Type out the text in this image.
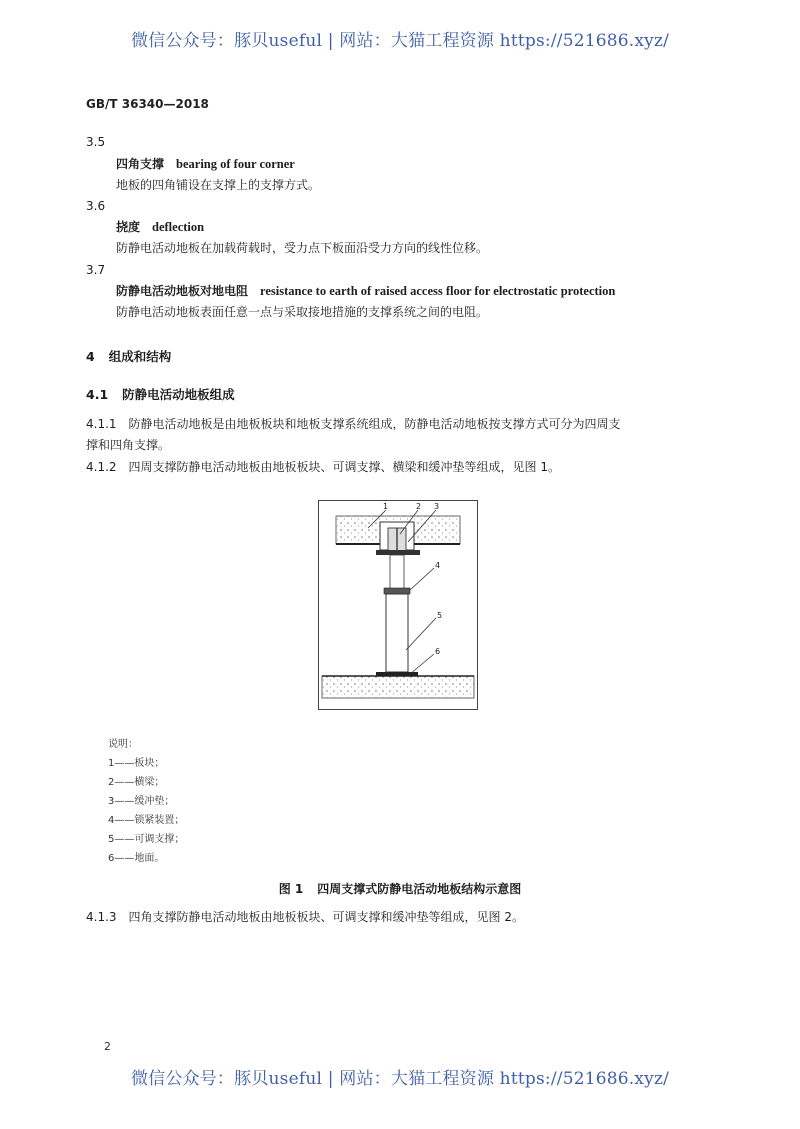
微信公众号：豚贝useful | 网站：大猫工程资源 https://521686.xyz/
GB/T 36340—2018
3.5
四角支撑 bearing of four corner
地板的四角铺设在支撑上的支撑方式。
3.6
挠度 deflection
防静电活动地板在加载荷载时，受力点下板面沿受力方向的线性位移。
3.7
防静电活动地板对地电阻 resistance to earth of raised access floor for electrostatic protection
防静电活动地板表面任意一点与采取接地措施的支撑系统之间的电阻。
4 组成和结构
4.1 防静电活动地板组成
4.1.1 防静电活动地板是由地板板块和地板支撑系统组成，防静电活动地板按支撑方式可分为四周支
撑和四角支撑。
4.1.2 四周支撑防静电活动地板由地板板块、可调支撑、横梁和缓冲垫等组成，见图 1。
1	2 3
4
5
6
说明：
1——板块；
2——横梁；
3——缓冲垫；
4——锁紧装置；
5——可调支撑；
6——地面。
图 1 四周支撑式防静电活动地板结构示意图
4.1.3 四角支撑防静电活动地板由地板板块、可调支撑和缓冲垫等组成，见图 2。
2
微信公众号：豚贝useful | 网站：大猫工程资源 https://521686.xyz/
